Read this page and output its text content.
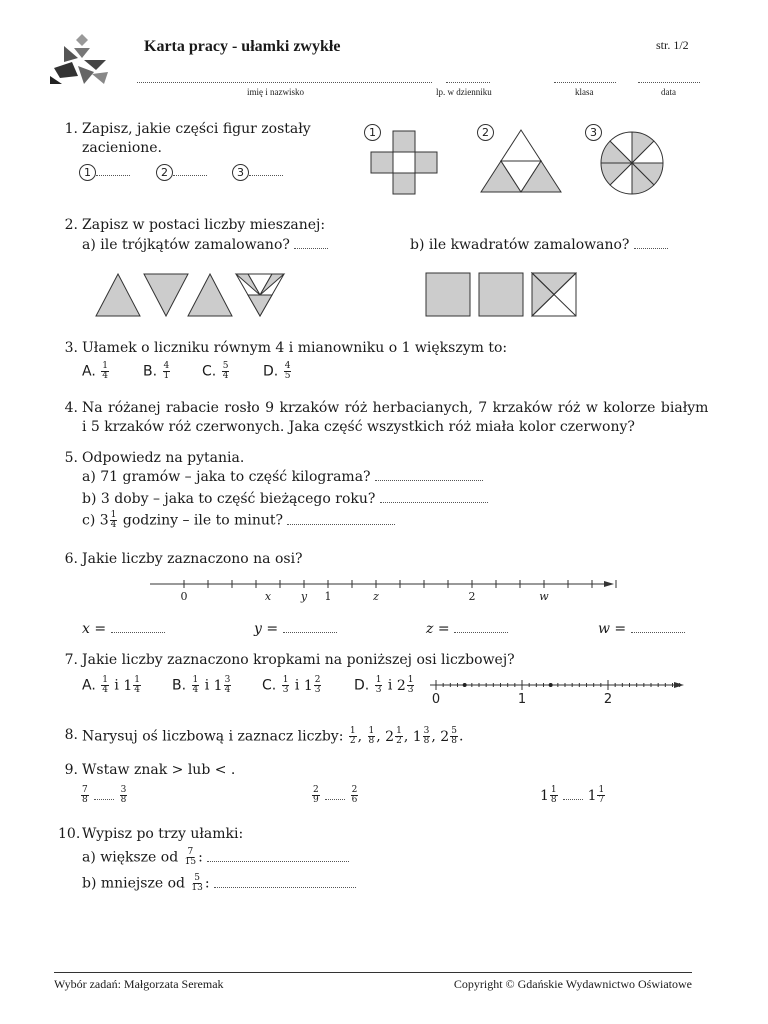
Karta pracy - ułamki zwykłe	str. 1/2
imię i nazwisko	lp. w dzienniku	klasa	data
1. Zapisz, jakie części figur zostały
zacienione.
1	2	3
1	2	3
2. Zapisz w postaci liczby mieszanej:
a) ile trójkątów zamalowano?	b) ile kwadratów zamalowano?
3. Ułamek o liczniku równym 4 i mianowniku o 1 większym to:
A. $\frac{1}{4} B$. $\frac{4}{1} C$. $\frac{5}{4} D$. $\frac{4}{5}$
4. Na różanej rabacie rosło 9 krzaków róż herbacianych, 7 krzaków róż w kolorze białym
i 5 krzaków róż czerwonych. Jaka część wszystkich róż miała kolor czerwony?
5. Odpowiedz na pytania.
a) 71 gramów – jaka to część kilograma?
b) 3 doby – jaka to część bieżącego roku?
c) $3 \frac{1}{4}$ godziny – ile to minut?
6. Jakie liczby zaznaczono na osi?
0	x	y 1	z	2	w
x =	y =	z =	w =
7. Jakie liczby zaznaczono kropkami na poniższej osi liczbowej?
A. $\frac{1}{4}$ i $1 \frac{1}{4} B$. $\frac{1}{4}$ i $1 \frac{3}{4} C$. $\frac{1}{3}$ i $1 \frac{2}{3} D$. $\frac{1}{3}$ i $2 \frac{1}{3}$
0	1	2
8. Narysuj oś liczbową i zaznacz liczby: $\frac{1}{2}$ , $\frac{1}{8}$ , $2 \frac{1}{2}$ , $1 \frac{3}{8}$ , $2 \frac{5}{8}$ .
9. Wstaw znak > lub < .
$\frac{7}{8}$
	$\frac{3}{8}$	$\frac{2}{9}$
	$\frac{2}{6}$	$1 \frac{1}{8} 1 \frac{1}{7}$
10. Wypisz po trzy ułamki:
a) większe od $\frac{7}{15}$ :
b) mniejsze od $\frac{5}{13}$ :
Wybór zadań: Małgorzata Seremak	Copyright © Gdańskie Wydawnictwo Oświatowe
